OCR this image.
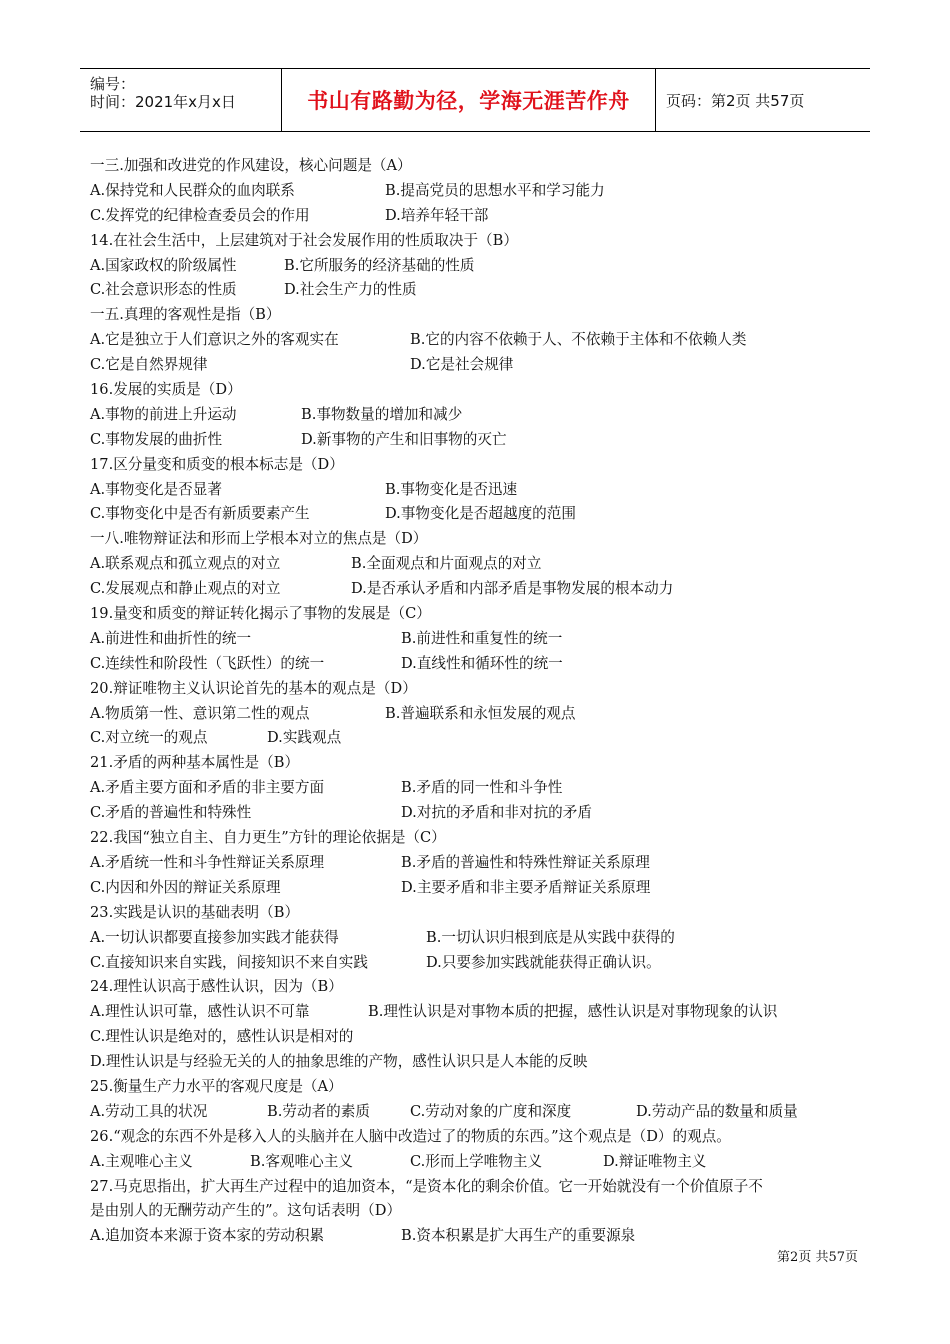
编号：
时间：2021年x月x日	书山有路勤为径，学海无涯苦作舟	页码：第2页 共57页
一三.加强和改进党的作风建设，核心问题是（A）
A.保持党和人民群众的血肉联系	B.提高党员的思想水平和学习能力
C.发挥党的纪律检查委员会的作用	D.培养年轻干部
14.在社会生活中，上层建筑对于社会发展作用的性质取决于（B）
A.国家政权的阶级属性	B.它所服务的经济基础的性质
C.社会意识形态的性质	D.社会生产力的性质
一五.真理的客观性是指（B）
A.它是独立于人们意识之外的客观实在	B.它的内容不依赖于人、不依赖于主体和不依赖人类
C.它是自然界规律	D.它是社会规律
16.发展的实质是（D）
A.事物的前进上升运动	B.事物数量的增加和减少
C.事物发展的曲折性	D.新事物的产生和旧事物的灭亡
17.区分量变和质变的根本标志是（D）
A.事物变化是否显著	B.事物变化是否迅速
C.事物变化中是否有新质要素产生	D.事物变化是否超越度的范围
一八.唯物辩证法和形而上学根本对立的焦点是（D）
A.联系观点和孤立观点的对立	B.全面观点和片面观点的对立
C.发展观点和静止观点的对立	D.是否承认矛盾和内部矛盾是事物发展的根本动力
19.量变和质变的辩证转化揭示了事物的发展是（C）
A.前进性和曲折性的统一	B.前进性和重复性的统一
C.连续性和阶段性（飞跃性）的统一	D.直线性和循环性的统一
20.辩证唯物主义认识论首先的基本的观点是（D）
A.物质第一性、意识第二性的观点	B.普遍联系和永恒发展的观点
C.对立统一的观点	D.实践观点
21.矛盾的两种基本属性是（B）
A.矛盾主要方面和矛盾的非主要方面	B.矛盾的同一性和斗争性
C.矛盾的普遍性和特殊性	D.对抗的矛盾和非对抗的矛盾
22.我国“独立自主、自力更生”方针的理论依据是（C）
A.矛盾统一性和斗争性辩证关系原理	B.矛盾的普遍性和特殊性辩证关系原理
C.内因和外因的辩证关系原理	D.主要矛盾和非主要矛盾辩证关系原理
23.实践是认识的基础表明（B）
A.一切认识都要直接参加实践才能获得	B.一切认识归根到底是从实践中获得的
C.直接知识来自实践，间接知识不来自实践	D.只要参加实践就能获得正确认识。
24.理性认识高于感性认识，因为（B）
A.理性认识可靠，感性认识不可靠	B.理性认识是对事物本质的把握，感性认识是对事物现象的认识
C.理性认识是绝对的，感性认识是相对的
D.理性认识是与经验无关的人的抽象思维的产物，感性认识只是人本能的反映
25.衡量生产力水平的客观尺度是（A）
A.劳动工具的状况	B.劳动者的素质	C.劳动对象的广度和深度	D.劳动产品的数量和质量
26.“观念的东西不外是移入人的头脑并在人脑中改造过了的物质的东西。”这个观点是（D）的观点。
A.主观唯心主义	B.客观唯心主义	C.形而上学唯物主义	D.辩证唯物主义
27.马克思指出，扩大再生产过程中的追加资本，“是资本化的剩余价值。它一开始就没有一个价值原子不
是由别人的无酬劳动产生的”。这句话表明（D）
A.追加资本来源于资本家的劳动积累	B.资本积累是扩大再生产的重要源泉
第2页 共57页
